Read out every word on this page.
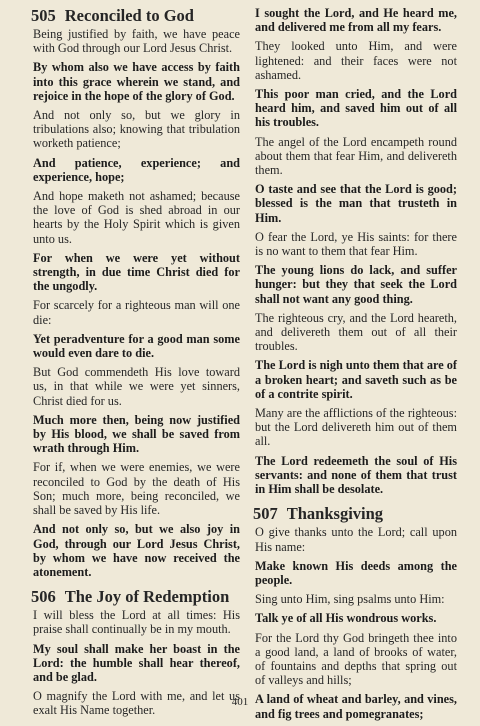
505 Reconciled to God

Being justified by faith, we have peace with God through our Lord Jesus Christ.

By whom also we have access by faith into this grace wherein we stand, and rejoice in the hope of the glory of God.

And not only so, but we glory in tribulations also; knowing that tribulation worketh patience;

And patience, experience; and experience, hope;

And hope maketh not ashamed; because the love of God is shed abroad in our hearts by the Holy Spirit which is given unto us.

For when we were yet without strength, in due time Christ died for the ungodly.

For scarcely for a righteous man will one die:

Yet peradventure for a good man some would even dare to die.

But God commendeth His love toward us, in that while we were yet sinners, Christ died for us.

Much more then, being now justified by His blood, we shall be saved from wrath through Him.

For if, when we were enemies, we were reconciled to God by the death of His Son; much more, being reconciled, we shall be saved by His life.

And not only so, but we also joy in God, through our Lord Jesus Christ, by whom we have now received the atonement.

506 The Joy of Redemption

I will bless the Lord at all times: His praise shall continually be in my mouth.

My soul shall make her boast in the Lord: the humble shall hear thereof, and be glad.

O magnify the Lord with me, and let us exalt His Name together.

I sought the Lord, and He heard me, and delivered me from all my fears.

They looked unto Him, and were lightened: and their faces were not ashamed.

This poor man cried, and the Lord heard him, and saved him out of all his troubles.

The angel of the Lord encampeth round about them that fear Him, and delivereth them.

O taste and see that the Lord is good; blessed is the man that trusteth in Him.

O fear the Lord, ye His saints: for there is no want to them that fear Him.

The young lions do lack, and suffer hunger: but they that seek the Lord shall not want any good thing.

The righteous cry, and the Lord heareth, and delivereth them out of all their troubles.

The Lord is nigh unto them that are of a broken heart; and saveth such as be of a contrite spirit.

Many are the afflictions of the righteous: but the Lord delivereth him out of them all.

The Lord redeemeth the soul of His servants: and none of them that trust in Him shall be desolate.

507 Thanksgiving

O give thanks unto the Lord; call upon His name:

Make known His deeds among the people.

Sing unto Him, sing psalms unto Him:

Talk ye of all His wondrous works.

For the Lord thy God bringeth thee into a good land, a land of brooks of water, of fountains and depths that spring out of valleys and hills;

A land of wheat and barley, and vines, and fig trees and pomegranates;

401
